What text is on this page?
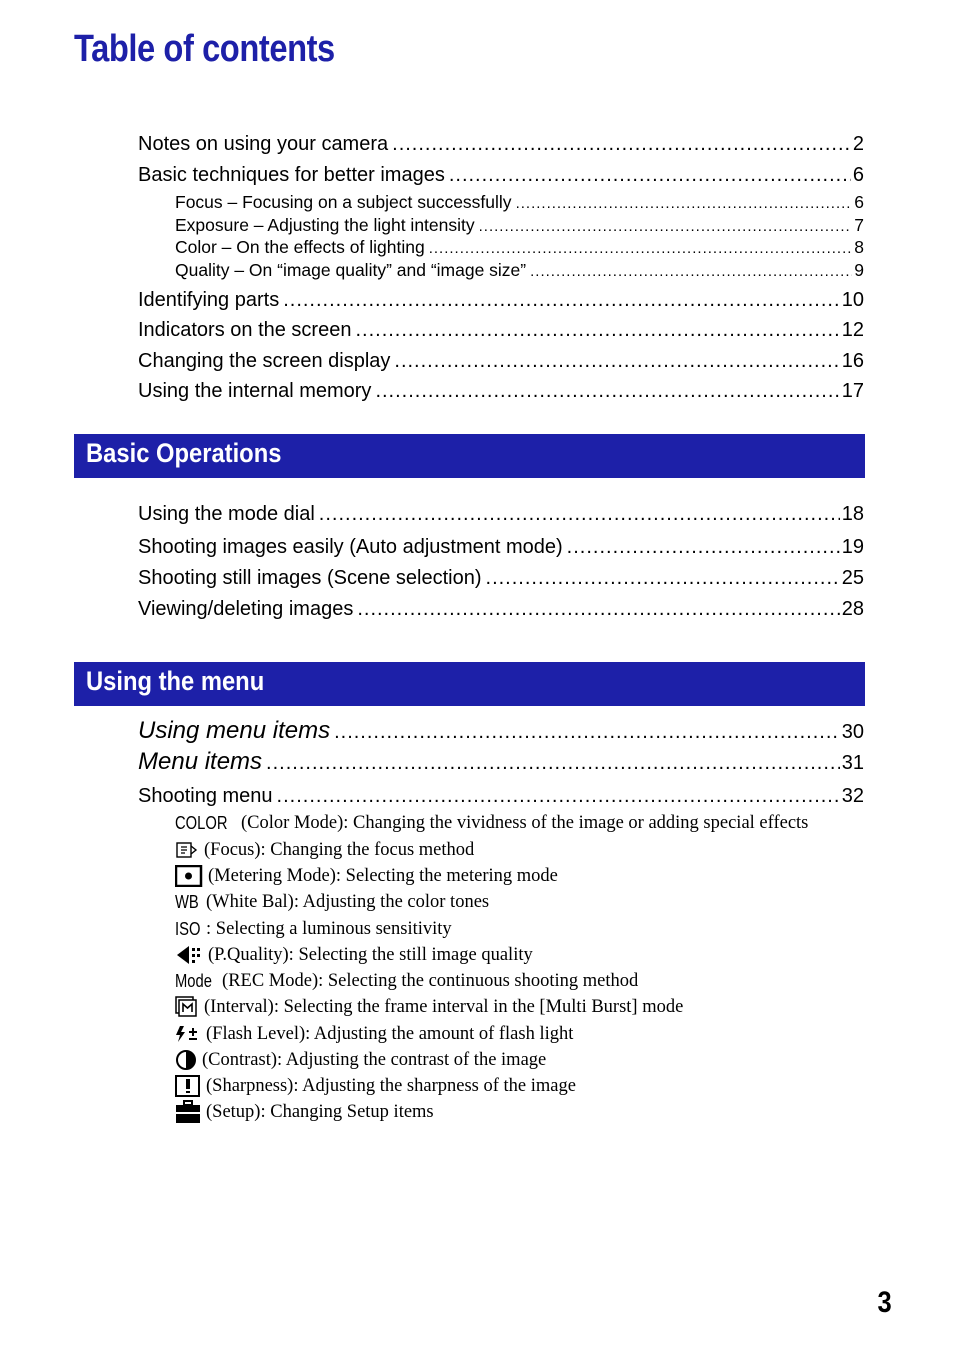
Table of contents
Notes on using your camera .....	2
Basic techniques for better images .....	6
Focus – Focusing on a subject successfully .....	6
Exposure – Adjusting the light intensity .....	7
Color – On the effects of lighting .....	8
Quality – On “image quality” and “image size” .....	9
Identifying parts .....	10
Indicators on the screen .....	12
Changing the screen display .....	16
Using the internal memory .....	17
Basic Operations
Using the mode dial .....	18
Shooting images easily (Auto adjustment mode) .....	19
Shooting still images (Scene selection) .....	25
Viewing/deleting images .....	28
Using the menu
Using menu items .....	30
Menu items .....	31
Shooting menu .....	32
COLOR (Color Mode): Changing the vividness of the image or adding special effects
(Focus): Changing the focus method
(Metering Mode): Selecting the metering mode
WB (White Bal): Adjusting the color tones
ISO : Selecting a luminous sensitivity
(P.Quality): Selecting the still image quality
Mode (REC Mode): Selecting the continuous shooting method
(Interval): Selecting the frame interval in the [Multi Burst] mode
(Flash Level): Adjusting the amount of flash light
(Contrast): Adjusting the contrast of the image
(Sharpness): Adjusting the sharpness of the image
(Setup): Changing Setup items
3
